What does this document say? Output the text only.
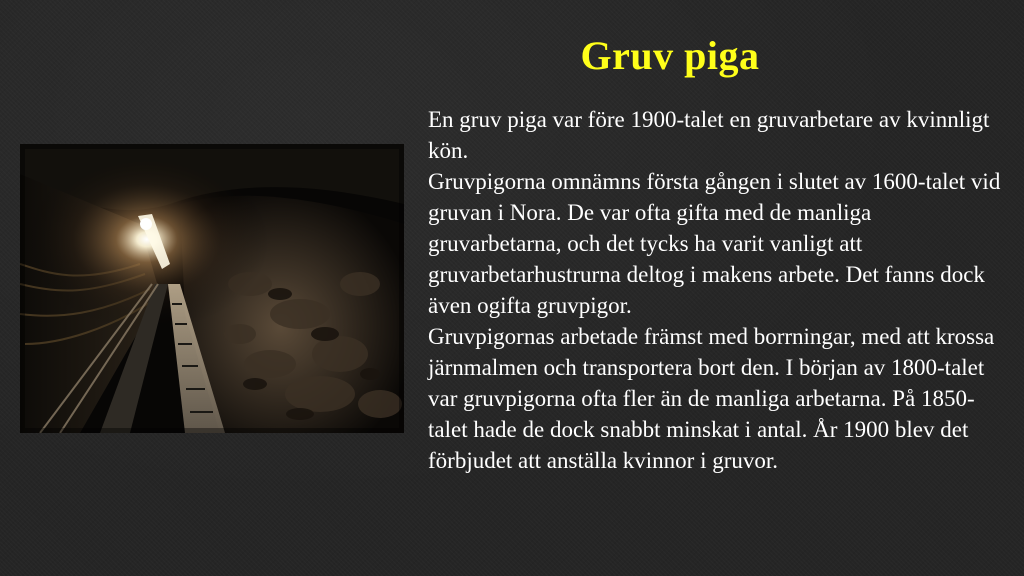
Gruv piga

En gruv piga var före 1900-talet en gruvarbetare av kvinnligt kön.

Gruvpigorna omnämns första gången i slutet av 1600-talet vid gruvan i Nora. De var ofta gifta med de manliga gruvarbetarna, och det tycks ha varit vanligt att gruvarbetarhustrurna deltog i makens arbete. Det fanns dock även ogifta gruvpigor.

Gruvpigornas arbetade främst med borrningar, med att krossa järnmalmen och transportera bort den. I början av 1800-talet var gruvpigorna ofta fler än de manliga arbetarna. På 1850-talet hade de dock snabbt minskat i antal. År 1900 blev det förbjudet att anställa kvinnor i gruvor.
